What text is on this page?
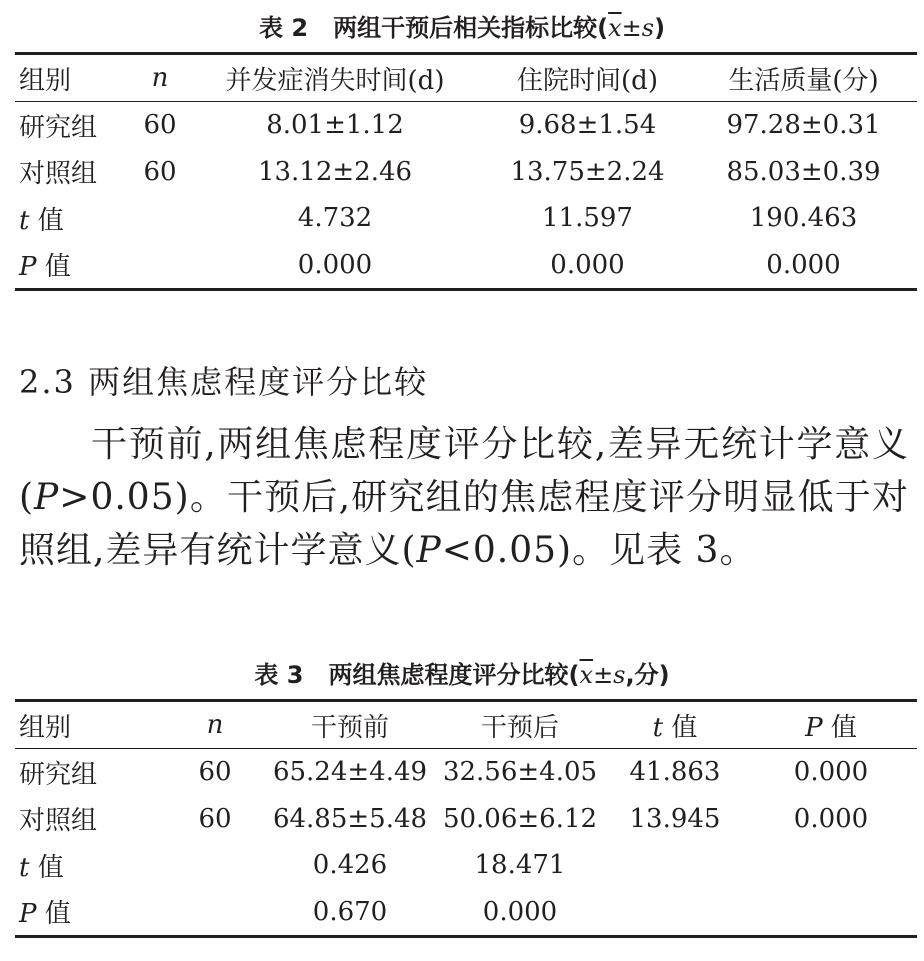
表 2 两组干预后相关指标比较$(\overline{x}\pm s)$
组别	n	并发症消失时间(d)	住院时间(d)	生活质量(分)
研究组	60	8.01±1.12	9.68±1.54	97.28±0.31
对照组	60	13.12±2.46	13.75±2.24	85.03±0.39
t 值		4.732	11.597	190.463
P 值		0.000	0.000	0.000
2.3 两组焦虑程度评分比较

干预前,两组焦虑程度评分比较,差异无统计学意义(P>0.05)。干预后,研究组的焦虑程度评分明显低于对照组,差异有统计学意义(P<0.05)。见表 3。

表 3 两组焦虑程度评分比较($\overline{x}\pm s$,分)
组别	n	干预前	干预后	t 值	P 值
研究组	60	65.24±4.49	32.56±4.05	41.863	0.000
对照组	60	64.85±5.48	50.06±6.12	13.945	0.000
t 值		0.426	18.471		
P 值		0.670	0.000		
